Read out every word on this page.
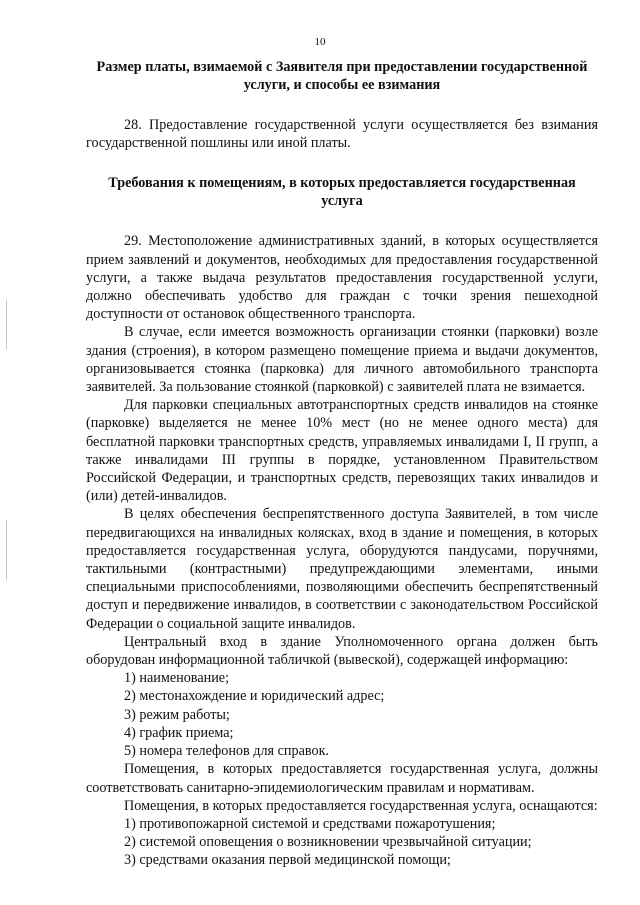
10

Размер платы, взимаемой с Заявителя при предоставлении государственной услуги, и способы ее взимания

28. Предоставление государственной услуги осуществляется без взимания государственной пошлины или иной платы.

Требования к помещениям, в которых предоставляется государственная услуга

29. Местоположение административных зданий, в которых осуществляется прием заявлений и документов, необходимых для предоставления государственной услуги, а также выдача результатов предоставления государственной услуги, должно обеспечивать удобство для граждан с точки зрения пешеходной доступности от остановок общественного транспорта.

В случае, если имеется возможность организации стоянки (парковки) возле здания (строения), в котором размещено помещение приема и выдачи документов, организовывается стоянка (парковка) для личного автомобильного транспорта заявителей. За пользование стоянкой (парковкой) с заявителей плата не взимается.

Для парковки специальных автотранспортных средств инвалидов на стоянке (парковке) выделяется не менее 10% мест (но не менее одного места) для бесплатной парковки транспортных средств, управляемых инвалидами I, II групп, а также инвалидами III группы в порядке, установленном Правительством Российской Федерации, и транспортных средств, перевозящих таких инвалидов и (или) детей-инвалидов.

В целях обеспечения беспрепятственного доступа Заявителей, в том числе передвигающихся на инвалидных колясках, вход в здание и помещения, в которых предоставляется государственная услуга, оборудуются пандусами, поручнями, тактильными (контрастными) предупреждающими элементами, иными специальными приспособлениями, позволяющими обеспечить беспрепятственный доступ и передвижение инвалидов, в соответствии с законодательством Российской Федерации о социальной защите инвалидов.

Центральный вход в здание Уполномоченного органа должен быть оборудован информационной табличкой (вывеской), содержащей информацию:

1) наименование;

2) местонахождение и юридический адрес;

3) режим работы;

4) график приема;

5) номера телефонов для справок.

Помещения, в которых предоставляется государственная услуга, должны соответствовать санитарно-эпидемиологическим правилам и нормативам.

Помещения, в которых предоставляется государственная услуга, оснащаются:

1) противопожарной системой и средствами пожаротушения;

2) системой оповещения о возникновении чрезвычайной ситуации;

3) средствами оказания первой медицинской помощи;
